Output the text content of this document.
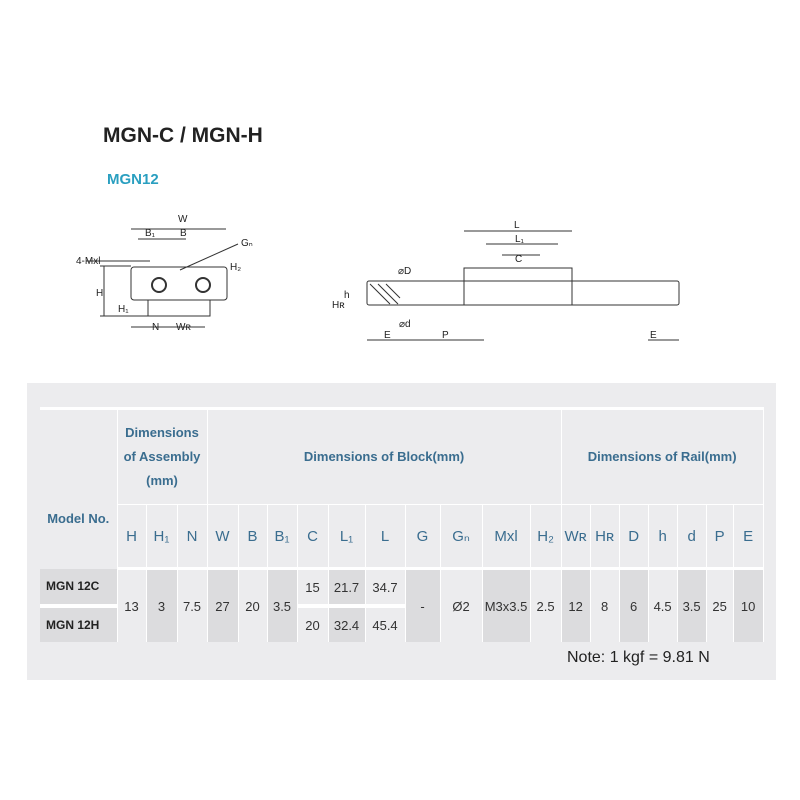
MGN-C / MGN-H
MGN12
W
B₁ B
Gₙ
4-Mxl
H
H₁
H₂
N Wʀ
L
L₁
C
⌀D
h
Hʀ
⌀d
E	P	E
Model No.	Dimensions
of Assembly
(mm)			Dimensions of Block(mm)										Dimensions of Rail(mm)						
	H	H₁	N	W	B	B₁	C	L₁	L	G	Gₙ	Mxl	H₂	Wʀ	Hʀ	D	h	d	P	E
MGN 12C	13	3	7.5	27	20	3.5	15	21.7	34.7	-	Ø2	M3x3.5	2.5	12	8	6	4.5	3.5	25	10
MGN 12H							20	32.4	45.4											
Note: 1 kgf = 9.81 N
